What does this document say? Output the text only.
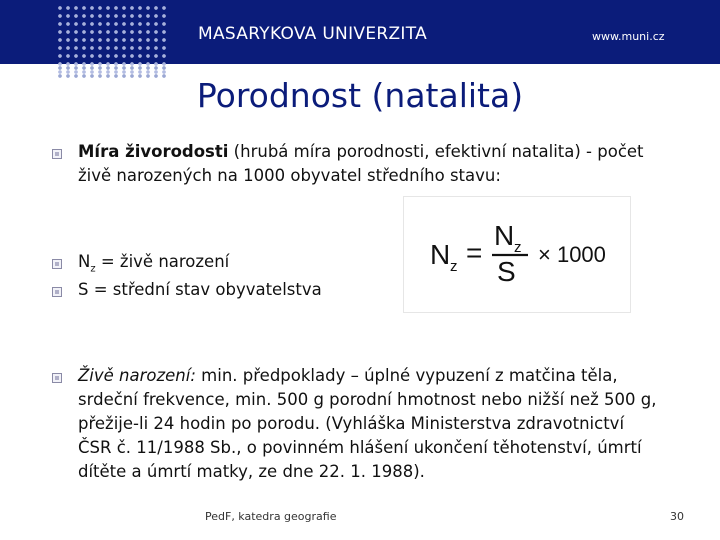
MASARYKOVA UNIVERZITA	www.muni.cz
Porodnost (natalita)
Míra živorodosti (hrubá míra porodnosti, efektivní natalita) - počet
živě narozených na 1000 obyvatel středního stavu:
$N_z$ = živě narození
S = střední stav obyvatelstva
N z =
N z
S
× 1000
Živě narození: min. předpoklady – úplné vypuzení z matčina těla,
srdeční frekvence, min. 500 g porodní hmotnost nebo nižší než 500 g,
přežije-li 24 hodin po porodu. (Vyhláška Ministerstva zdravotnictví
ČSR č. 11/1988 Sb., o povinném hlášení ukončení těhotenství, úmrtí
dítěte a úmrtí matky, ze dne 22. 1. 1988).
PedF, katedra geografie	30
